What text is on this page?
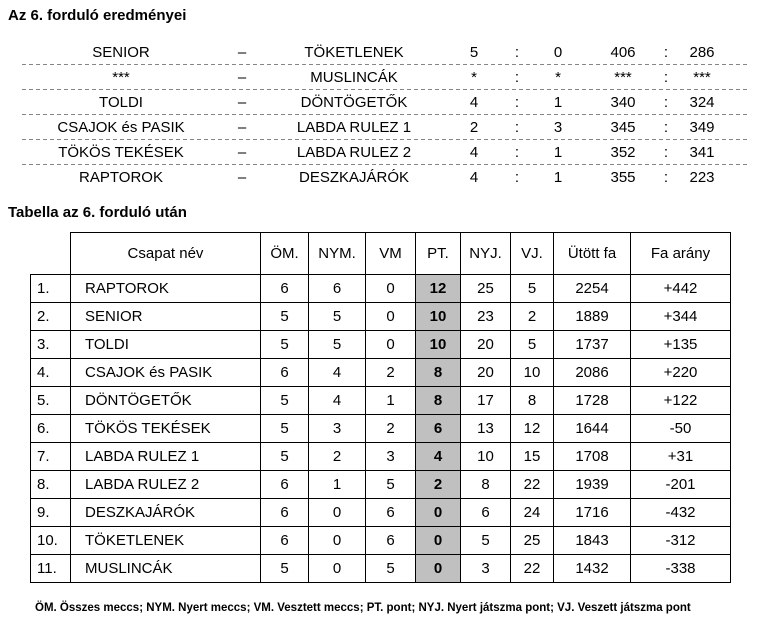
Az 6. forduló eredményei
SENIOR	–	TÖKETLENEK	5	:	0	406	:	286
***	–	MUSLINCÁK	*	:	*	***	:	***
TOLDI	–	DÖNTÖGETŐK	4	:	1	340	:	324
CSAJOK és PASIK	–	LABDA RULEZ 1	2	:	3	345	:	349
TÖKÖS TEKÉSEK	–	LABDA RULEZ 2	4	:	1	352	:	341
RAPTOROK	–	DESZKAJÁRÓK	4	:	1	355	:	223
Tabella az 6. forduló után
	Csapat név	ÖM.	NYM.	VM	PT.	NYJ.	VJ.	Ütött fa	Fa arány
1.	RAPTOROK	6	6	0	12	25	5	2254	+442
2.	SENIOR	5	5	0	10	23	2	1889	+344
3.	TOLDI	5	5	0	10	20	5	1737	+135
4.	CSAJOK és PASIK	6	4	2	8	20	10	2086	+220
5.	DÖNTÖGETŐK	5	4	1	8	17	8	1728	+122
6.	TÖKÖS TEKÉSEK	5	3	2	6	13	12	1644	-50
7.	LABDA RULEZ 1	5	2	3	4	10	15	1708	+31
8.	LABDA RULEZ 2	6	1	5	2	8	22	1939	-201
9.	DESZKAJÁRÓK	6	0	6	0	6	24	1716	-432
10.	TÖKETLENEK	6	0	6	0	5	25	1843	-312
11.	MUSLINCÁK	5	0	5	0	3	22	1432	-338
ÖM. Összes meccs; NYM. Nyert meccs; VM. Vesztett meccs; PT. pont; NYJ. Nyert játszma pont; VJ. Veszett játszma pont
